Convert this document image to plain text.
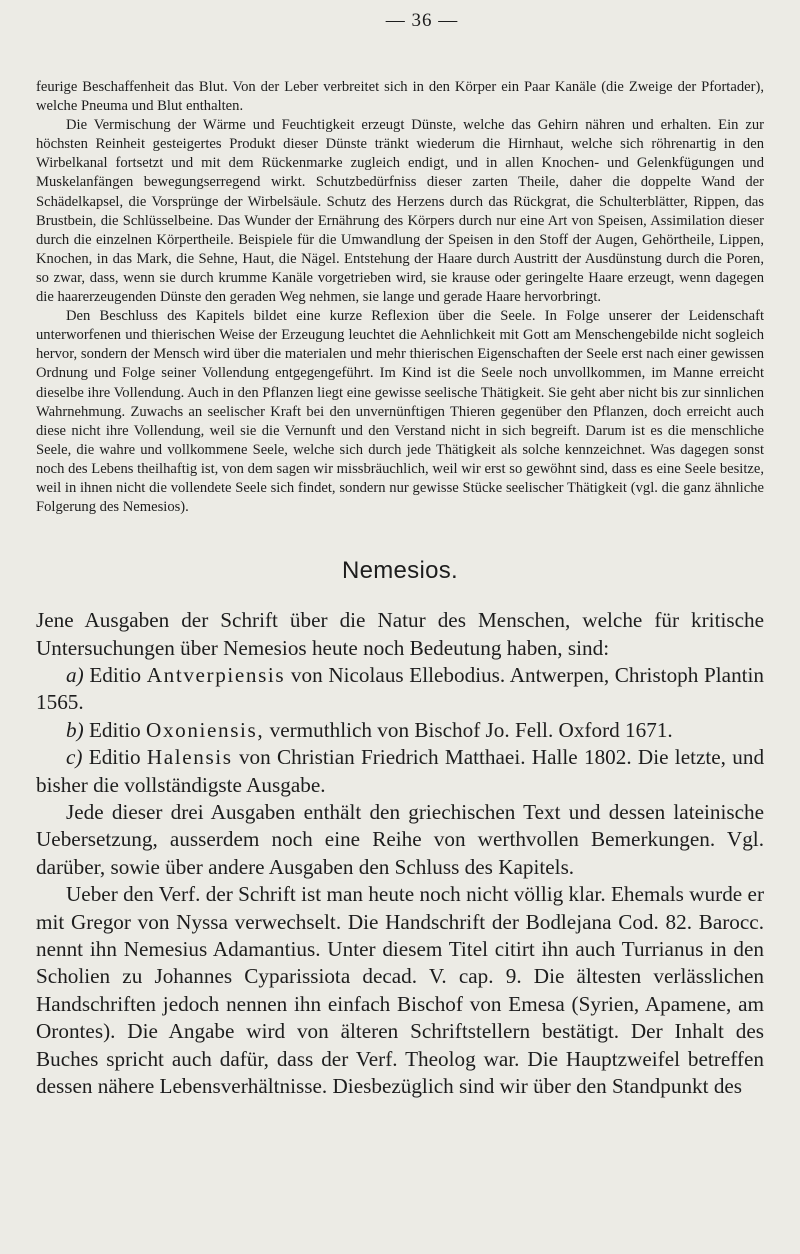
— 36 —

feurige Beschaffenheit das Blut. Von der Leber verbreitet sich in den Körper ein Paar Kanäle (die Zweige der Pfortader), welche Pneuma und Blut enthalten.

Die Vermischung der Wärme und Feuchtigkeit erzeugt Dünste, welche das Gehirn nähren und erhalten. Ein zur höchsten Reinheit gesteigertes Produkt dieser Dünste tränkt wiederum die Hirnhaut, welche sich röhrenartig in den Wirbelkanal fortsetzt und mit dem Rückenmarke zugleich endigt, und in allen Knochen- und Gelenkfügungen und Muskelanfängen bewegungserregend wirkt. Schutzbedürfniss dieser zarten Theile, daher die doppelte Wand der Schädelkapsel, die Vorsprünge der Wirbelsäule. Schutz des Herzens durch das Rückgrat, die Schulterblätter, Rippen, das Brustbein, die Schlüsselbeine. Das Wunder der Ernährung des Körpers durch nur eine Art von Speisen, Assimilation dieser durch die einzelnen Körpertheile. Beispiele für die Umwandlung der Speisen in den Stoff der Augen, Gehörtheile, Lippen, Knochen, in das Mark, die Sehne, Haut, die Nägel. Entstehung der Haare durch Austritt der Ausdünstung durch die Poren, so zwar, dass, wenn sie durch krumme Kanäle vorgetrieben wird, sie krause oder geringelte Haare erzeugt, wenn dagegen die haarerzeugenden Dünste den geraden Weg nehmen, sie lange und gerade Haare hervorbringt.

Den Beschluss des Kapitels bildet eine kurze Reflexion über die Seele. In Folge unserer der Leidenschaft unterworfenen und thierischen Weise der Erzeugung leuchtet die Aehnlichkeit mit Gott am Menschengebilde nicht sogleich hervor, sondern der Mensch wird über die materialen und mehr thierischen Eigenschaften der Seele erst nach einer gewissen Ordnung und Folge seiner Vollendung entgegengeführt. Im Kind ist die Seele noch unvollkommen, im Manne erreicht dieselbe ihre Vollendung. Auch in den Pflanzen liegt eine gewisse seelische Thätigkeit. Sie geht aber nicht bis zur sinnlichen Wahrnehmung. Zuwachs an seelischer Kraft bei den unvernünftigen Thieren gegenüber den Pflanzen, doch erreicht auch diese nicht ihre Vollendung, weil sie die Vernunft und den Verstand nicht in sich begreift. Darum ist es die menschliche Seele, die wahre und vollkommene Seele, welche sich durch jede Thätigkeit als solche kennzeichnet. Was dagegen sonst noch des Lebens theilhaftig ist, von dem sagen wir missbräuchlich, weil wir erst so gewöhnt sind, dass es eine Seele besitze, weil in ihnen nicht die vollendete Seele sich findet, sondern nur gewisse Stücke seelischer Thätigkeit (vgl. die ganz ähnliche Folgerung des Nemesios).

Nemesios.

Jene Ausgaben der Schrift über die Natur des Menschen, welche für kritische Untersuchungen über Nemesios heute noch Bedeutung haben, sind:

a) Editio Antverpiensis von Nicolaus Ellebodius. Antwerpen, Christoph Plantin 1565.

b) Editio Oxoniensis, vermuthlich von Bischof Jo. Fell. Oxford 1671.

c) Editio Halensis von Christian Friedrich Matthaei. Halle 1802. Die letzte, und bisher die vollständigste Ausgabe.

Jede dieser drei Ausgaben enthält den griechischen Text und dessen lateinische Uebersetzung, ausserdem noch eine Reihe von werthvollen Bemerkungen. Vgl. darüber, sowie über andere Ausgaben den Schluss des Kapitels.

Ueber den Verf. der Schrift ist man heute noch nicht völlig klar. Ehemals wurde er mit Gregor von Nyssa verwechselt. Die Handschrift der Bodlejana Cod. 82. Barocc. nennt ihn Nemesius Adamantius. Unter diesem Titel citirt ihn auch Turrianus in den Scholien zu Johannes Cyparissiota decad. V. cap. 9. Die ältesten verlässlichen Handschriften jedoch nennen ihn einfach Bischof von Emesa (Syrien, Apamene, am Orontes). Die Angabe wird von älteren Schriftstellern bestätigt. Der Inhalt des Buches spricht auch dafür, dass der Verf. Theolog war. Die Hauptzweifel betreffen dessen nähere Lebensverhältnisse. Diesbezüglich sind wir über den Standpunkt des
